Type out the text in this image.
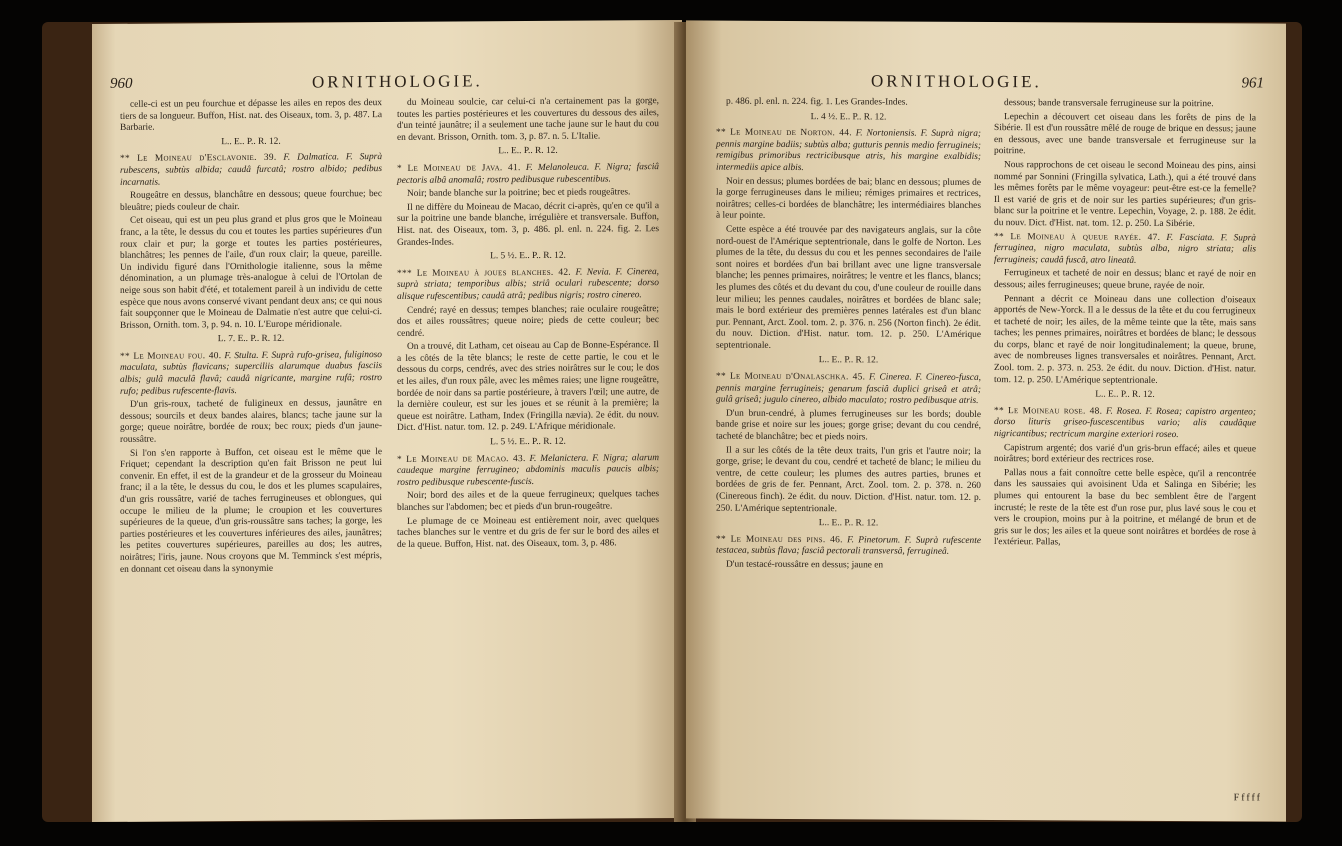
960	ORNITHOLOGIE.

celle-ci est un peu fourchue et dépasse les ailes en repos des deux tiers de sa longueur. Buffon, Hist. nat. des Oiseaux, tom. 3, p. 487. La Barbarie.

L.. E.. P.. R. 12.

** Le Moineau d'Esclavonie. 39. F. Dalmatica. F. Suprà rubescens, subtùs albida; caudâ furcatâ; rostro albido; pedibus incarnatis.

Rougeâtre en dessus, blanchâtre en dessous; queue fourchue; bec bleuâtre; pieds couleur de chair.

Cet oiseau, qui est un peu plus grand et plus gros que le Moineau franc, a la tête, le dessus du cou et toutes les parties supérieures d'un roux clair et pur; la gorge et toutes les parties postérieures, blanchâtres; les pennes de l'aile, d'un roux clair; la queue, pareille. Un individu figuré dans l'Ornithologie italienne, sous la même dénomination, a un plumage très-analogue à celui de l'Ortolan de neige sous son habit d'été, et totalement pareil à un individu de cette espèce que nous avons conservé vivant pendant deux ans; ce qui nous fait soupçonner que le Moineau de Dalmatie n'est autre que celui-ci. Brisson, Ornith. tom. 3, p. 94. n. 10. L'Europe méridionale.

L. 7. E.. P.. R. 12.

** Le Moineau fou. 40. F. Stulta. F. Suprà rufo-grisea, fuliginoso maculata, subtùs flavicans; superciliis alarumque duabus fasciis albis; gulâ maculâ flavâ; caudâ nigricante, margine rufâ; rostro rufo; pedibus rufescente-flavis.

D'un gris-roux, tacheté de fuligineux en dessus, jaunâtre en dessous; sourcils et deux bandes alaires, blancs; tache jaune sur la gorge; queue noirâtre, bordée de roux; bec roux; pieds d'un jaune-roussâtre.

Si l'on s'en rapporte à Buffon, cet oiseau est le même que le Friquet; cependant la description qu'en fait Brisson ne peut lui convenir. En effet, il est de la grandeur et de la grosseur du Moineau franc; il a la tête, le dessus du cou, le dos et les plumes scapulaires, d'un gris roussâtre, varié de taches ferrugineuses et oblongues, qui occupe le milieu de la plume; le croupion et les couvertures supérieures de la queue, d'un gris-roussâtre sans taches; la gorge, les parties postérieures et les couvertures inférieures des ailes, jaunâtres; les petites couvertures supérieures, pareilles au dos; les autres, noirâtres; l'iris, jaune. Nous croyons que M. Temminck s'est mépris, en donnant cet oiseau dans la synonymie

du Moineau soulcie, car celui-ci n'a certainement pas la gorge, toutes les parties postérieures et les couvertures du dessous des ailes, d'un teinté jaunâtre; il a seulement une tache jaune sur le haut du cou en devant. Brisson, Ornith. tom. 3, p. 87. n. 5. L'Italie.

L.. E.. P.. R. 12.

* Le Moineau de Java. 41. F. Melanoleuca. F. Nigra; fasciâ pectoris albâ anomalâ; rostro pedibusque rubescentibus.

Noir; bande blanche sur la poitrine; bec et pieds rougeâtres.

Il ne diffère du Moineau de Macao, décrit ci-après, qu'en ce qu'il a sur la poitrine une bande blanche, irrégulière et transversale. Buffon, Hist. nat. des Oiseaux, tom. 3, p. 486. pl. enl. n. 224. fig. 2. Les Grandes-Indes.

L. 5 ½. E.. P.. R. 12.

*** Le Moineau à joues blanches. 42. F. Nevia. F. Cinerea, suprà striata; temporibus albis; striâ oculari rubescente; dorso alisque rufescentibus; caudâ atrâ; pedibus nigris; rostro cinereo.

Cendré; rayé en dessus; tempes blanches; raie oculaire rougeâtre; dos et ailes roussâtres; queue noire; pieds de cette couleur; bec cendré.

On a trouvé, dit Latham, cet oiseau au Cap de Bonne-Espérance. Il a les côtés de la tête blancs; le reste de cette partie, le cou et le dessous du corps, cendrés, avec des stries noirâtres sur le cou; le dos et les ailes, d'un roux pâle, avec les mêmes raies; une ligne rougeâtre, bordée de noir dans sa partie postérieure, à travers l'œil; une autre, de la dernière couleur, est sur les joues et se réunit à la première; la queue est noirâtre. Latham, Index (Fringilla nævia). 2e édit. du nouv. Dict. d'Hist. natur. tom. 12. p. 249. L'Afrique méridionale.

L. 5 ½. E.. P.. R. 12.

* Le Moineau de Macao. 43. F. Melanictera. F. Nigra; alarum caudeque margine ferrugineo; abdominis maculis paucis albis; rostro pedibusque rubescente-fuscis.

Noir; bord des ailes et de la queue ferrugineux; quelques taches blanches sur l'abdomen; bec et pieds d'un brun-rougeâtre.

Le plumage de ce Moineau est entièrement noir, avec quelques taches blanches sur le ventre et du gris de fer sur le bord des ailes et de la queue. Buffon, Hist. nat. des Oiseaux, tom. 3, p. 486.

ORNITHOLOGIE.	961

p. 486. pl. enl. n. 224. fig. 1. Les Grandes-Indes.

L. 4 ½. E.. P.. R. 12.

** Le Moineau de Norton. 44. F. Nortoniensis. F. Suprà nigra; pennis margine badiis; subtùs alba; gutturis pennis medio ferrugineis; remigibus primoribus rectricibusque atris, his margine exalbidis; intermediis apice albis.

Noir en dessus; plumes bordées de bai; blanc en dessous; plumes de la gorge ferrugineuses dans le milieu; rémiges primaires et rectrices, noirâtres; celles-ci bordées de blanchâtre; les intermédiaires blanches à leur pointe.

Cette espèce a été trouvée par des navigateurs anglais, sur la côte nord-ouest de l'Amérique septentrionale, dans le golfe de Norton. Les plumes de la tête, du dessus du cou et les pennes secondaires de l'aile sont noires et bordées d'un bai brillant avec une ligne transversale blanche; les pennes primaires, noirâtres; le ventre et les flancs, blancs; les plumes des côtés et du devant du cou, d'une couleur de rouille dans leur milieu; les pennes caudales, noirâtres et bordées de blanc sale; mais le bord extérieur des premières pennes latérales est d'un blanc pur. Pennant, Arct. Zool. tom. 2. p. 376. n. 256 (Norton finch). 2e édit. du nouv. Diction. d'Hist. natur. tom. 12. p. 250. L'Amérique septentrionale.

L.. E.. P.. R. 12.

** Le Moineau d'Onalaschka. 45. F. Cinerea. F. Cinereo-fusca, pennis margine ferrugineis; genarum fasciâ duplici griseâ et atrâ; gulâ griseâ; jugulo cinereo, albido maculato; rostro pedibusque atris.

D'un brun-cendré, à plumes ferrugineuses sur les bords; double bande grise et noire sur les joues; gorge grise; devant du cou cendré, tacheté de blanchâtre; bec et pieds noirs.

Il a sur les côtés de la tête deux traits, l'un gris et l'autre noir; la gorge, grise; le devant du cou, cendré et tacheté de blanc; le milieu du ventre, de cette couleur; les plumes des autres parties, brunes et bordées de gris de fer. Pennant, Arct. Zool. tom. 2. p. 378. n. 260 (Cinereous finch). 2e édit. du nouv. Diction. d'Hist. natur. tom. 12. p. 250. L'Amérique septentrionale.

L.. E.. P.. R. 12.

** Le Moineau des pins. 46. F. Pinetorum. F. Suprà rufescente testacea, subtùs flava; fasciâ pectorali transversâ, ferrugineâ.

D'un testacé-roussâtre en dessus; jaune en

dessous; bande transversale ferrugineuse sur la poitrine.

Lepechin a découvert cet oiseau dans les forêts de pins de la Sibérie. Il est d'un roussâtre mêlé de rouge de brique en dessus; jaune en dessous, avec une bande transversale et ferrugineuse sur la poitrine.

Nous rapprochons de cet oiseau le second Moineau des pins, ainsi nommé par Sonnini (Fringilla sylvatica, Lath.), qui a été trouvé dans les mêmes forêts par le même voyageur: peut-être est-ce la femelle? Il est varié de gris et de noir sur les parties supérieures; d'un gris-blanc sur la poitrine et le ventre. Lepechin, Voyage, 2. p. 188. 2e édit. du nouv. Dict. d'Hist. nat. tom. 12. p. 250. La Sibérie.

** Le Moineau à queue rayée. 47. F. Fasciata. F. Suprà ferruginea, nigro maculata, subtùs alba, nigro striata; alis ferrugineis; caudâ fuscâ, atro lineatâ.

Ferrugineux et tacheté de noir en dessus; blanc et rayé de noir en dessous; ailes ferrugineuses; queue brune, rayée de noir.

Pennant a décrit ce Moineau dans une collection d'oiseaux apportés de New-Yorck. Il a le dessus de la tête et du cou ferrugineux et tacheté de noir; les ailes, de la même teinte que la tête, mais sans taches; les pennes primaires, noirâtres et bordées de blanc; le dessous du corps, blanc et rayé de noir longitudinalement; la queue, brune, avec de nombreuses lignes transversales et noirâtres. Pennant, Arct. Zool. tom. 2. p. 373. n. 253. 2e édit. du nouv. Diction. d'Hist. natur. tom. 12. p. 250. L'Amérique septentrionale.

L.. E.. P.. R. 12.

** Le Moineau rose. 48. F. Rosea. F. Rosea; capistro argenteo; dorso lituris griseo-fuscescentibus vario; alis caudâque nigricantibus; rectricum margine exteriori roseo.

Capistrum argenté; dos varié d'un gris-brun effacé; ailes et queue noirâtres; bord extérieur des rectrices rose.

Pallas nous a fait connoître cette belle espèce, qu'il a rencontrée dans les saussaies qui avoisinent Uda et Salinga en Sibérie; les plumes qui entourent la base du bec semblent être de l'argent incrusté; le reste de la tête est d'un rose pur, plus lavé sous le cou et vers le croupion, moins pur à la poitrine, et mélangé de brun et de gris sur le dos; les ailes et la queue sont noirâtres et bordées de rose à l'extérieur. Pallas,

Fffff
